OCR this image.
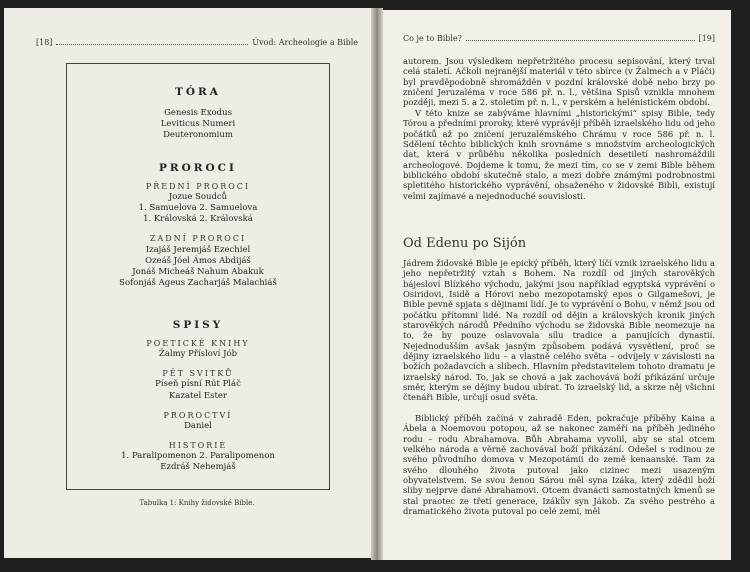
[18]	Úvod: Archeologie a Bible
TÓRA
Genesis Exodus
Leviticus Numeri
Deuteronomium
PROROCI
PŘEDNÍ PROROCI
Jozue Soudců
1. Samuelova 2. Samuelova
1. Královská 2. Královská
ZADNÍ PROROCI
Izajáš Jeremjáš Ezechiel
Ozeáš Jóel Ámos Abdijáš
Jonáš Micheáš Nahum Abakuk
Sofonjáš Ageus Zacharjáš Malachiáš
SPISY
POETICKÉ KNIHY
Žalmy Přísloví Jób
PĚT SVITKŮ
Píseň písní Rút Pláč
Kazatel Ester
PROROCTVÍ
Daniel
HISTORIE
1. Paralipomenon 2. Paralipomenon
Ezdráš Nehemjáš
Tabulka 1: Knihy židovské Bible.
Co je to Bible?	[19]

autorem. Jsou výsledkem nepřetržitého procesu sepisování, který trval celá staletí. Ačkoli nejranější materiál v této sbírce (v Žalmech a v Pláči) byl pravděpodobně shromážděn v pozdní královské době nebo brzy po zničení Jeruzaléma v roce 586 př. n. l., většina Spisů vznikla mnohem později, mezi 5. a 2. stoletím př. n. l., v perském a helénistickém období.

V této knize se zabýváme hlavními „historickými“ spisy Bible, tedy Tórou a předními proroky, které vyprávějí příběh izraelského lidu od jeho počátků až po zničení jeruzalémského Chrámu v roce 586 př. n. l. Sdělení těchto biblických knih srovnáme s množstvím archeologických dat, která v průběhu několika posledních desetiletí nashromáždili archeologové. Dojdeme k tomu, že mezi tím, co se v zemi Bible během biblického období skutečně stalo, a mezi dobře známými podrobnostmi spletitého historického vyprávění, obsaženého v židovské Bibli, existují velmi zajímavé a nejednoduché souvislosti.

Od Edenu po Sijón

Jádrem židovské Bible je epický příběh, který líčí vznik izraelského lidu a jeho nepřetržitý vztah s Bohem. Na rozdíl od jiných starověkých bájesloví Blízkého východu, jakými jsou například egyptská vyprávění o Osiridovi, Isidě a Hórovi nebo mezopotamský epos o Gilgamešovi, je Bible pevně spjata s dějinami lidí. Je to vyprávění o Bohu, v němž jsou od počátku přítomni lidé. Na rozdíl od dějin a královských kronik jiných starověkých národů Předního východu se židovská Bible neomezuje na to, že by pouze oslavovala sílu tradice a panujících dynastií. Nejednodušším avšak jasným způsobem podává vysvětlení, proč se dějiny izraelského lidu – a vlastně celého světa – odvíjely v závislosti na božích požadavcích a slibech. Hlavním představitelem tohoto dramatu je izraelský národ. To, jak se chová a jak zachovává boží přikázání určuje směr, kterým se dějiny budou ubírat. To izraelský lid, a skrze něj všichni čtenáři Bible, určují osud světa.

Biblický příběh začíná v zahradě Eden, pokračuje příběhy Kaina a Ábela a Noemovou potopou, až se nakonec zaměří na příběh jediného rodu – rodu Abrahamova. Bůh Abrahama vyvolil, aby se stal otcem velkého národa a věrně zachovával boží přikázání. Odešel s rodinou ze svého původního domova v Mezopotámii do země kenaanské. Tam za svého dlouhého života putoval jako cizinec mezi usazeným obyvatelstvem. Se svou ženou Sárou měl syna Izáka, který zdědil boží sliby nejprve dané Abrahamovi. Otcem dvanácti samostatných kmenů se stal praotec ze třetí generace, Izákův syn Jákob. Za svého pestrého a dramatického života putoval po celé zemi, měl
